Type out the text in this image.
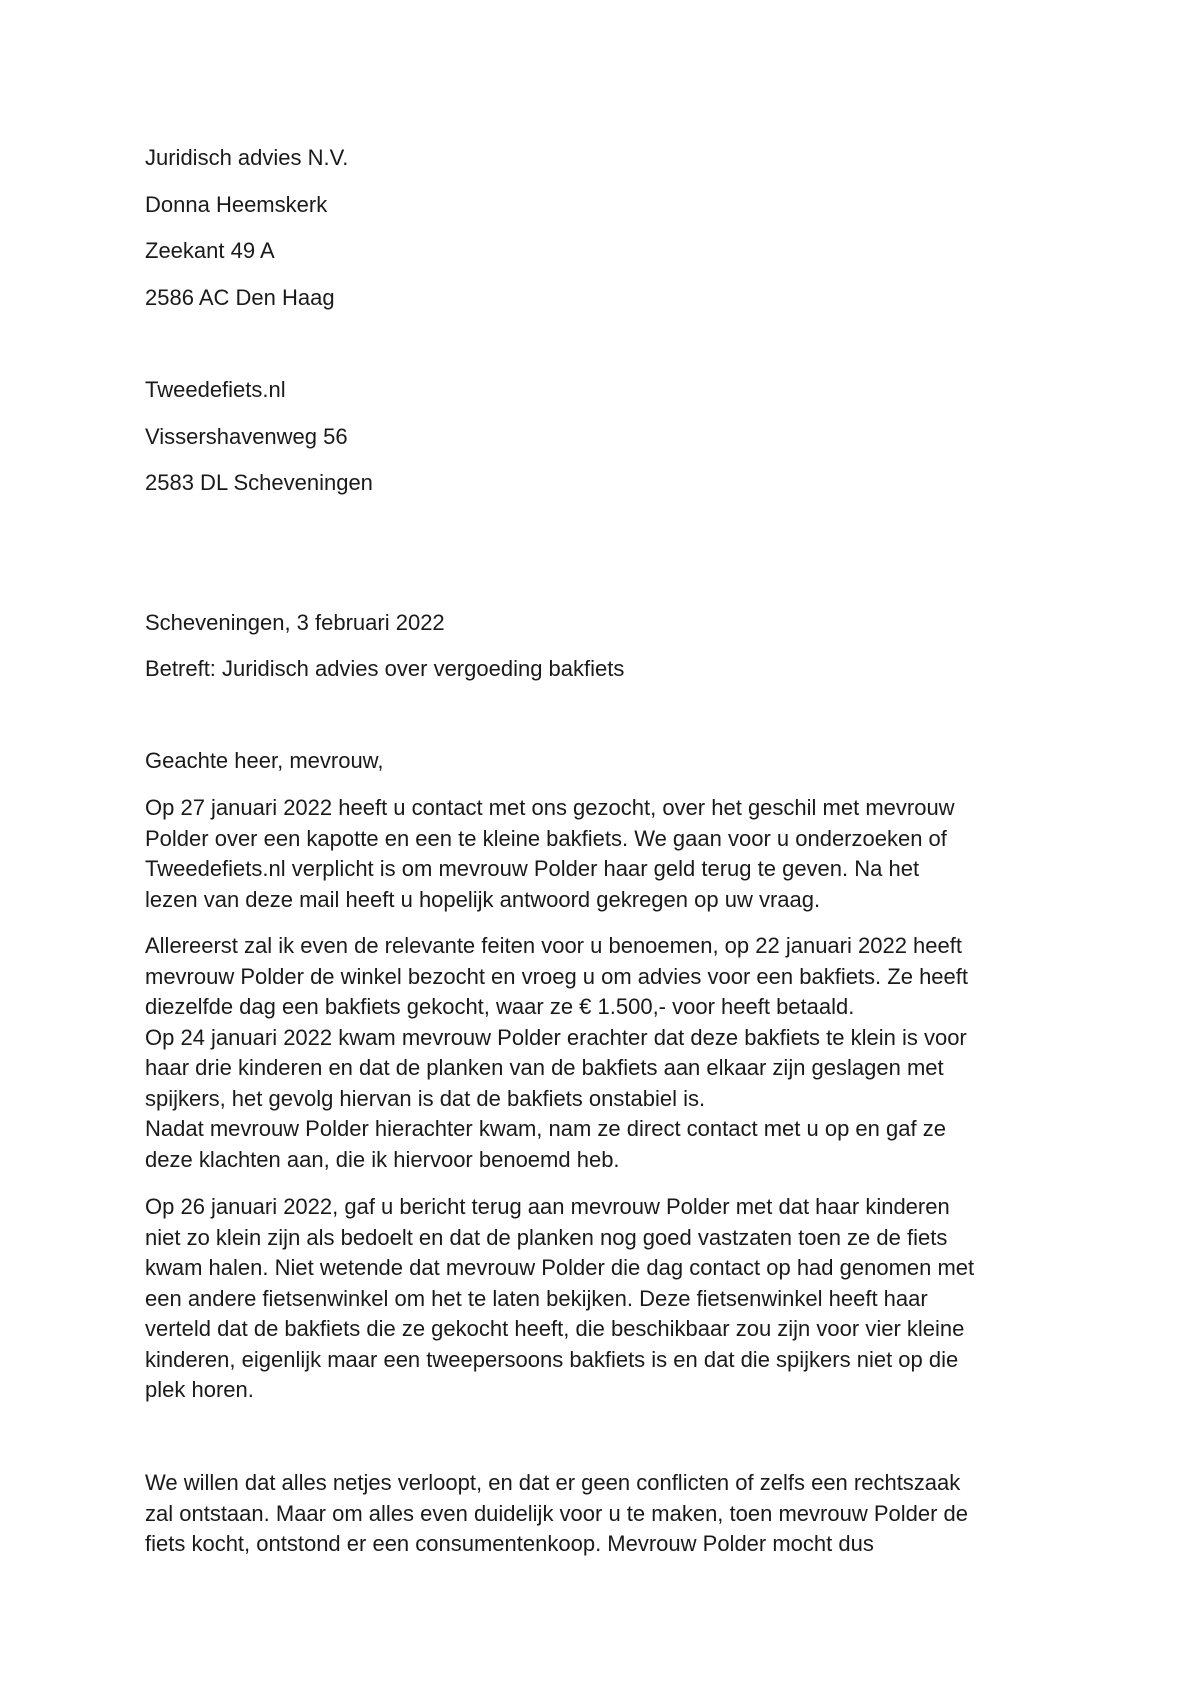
Juridisch advies N.V.
Donna Heemskerk
Zeekant 49 A
2586 AC Den Haag
Tweedefiets.nl
Vissershavenweg 56
2583 DL Scheveningen
Scheveningen, 3 februari 2022
Betreft: Juridisch advies over vergoeding bakfiets
Geachte heer, mevrouw,
Op 27 januari 2022 heeft u contact met ons gezocht, over het geschil met mevrouw
Polder over een kapotte en een te kleine bakfiets. We gaan voor u onderzoeken of
Tweedefiets.nl verplicht is om mevrouw Polder haar geld terug te geven. Na het
lezen van deze mail heeft u hopelijk antwoord gekregen op uw vraag.
Allereerst zal ik even de relevante feiten voor u benoemen, op 22 januari 2022 heeft
mevrouw Polder de winkel bezocht en vroeg u om advies voor een bakfiets. Ze heeft
diezelfde dag een bakfiets gekocht, waar ze € 1.500,- voor heeft betaald.
Op 24 januari 2022 kwam mevrouw Polder erachter dat deze bakfiets te klein is voor
haar drie kinderen en dat de planken van de bakfiets aan elkaar zijn geslagen met
spijkers, het gevolg hiervan is dat de bakfiets onstabiel is.
Nadat mevrouw Polder hierachter kwam, nam ze direct contact met u op en gaf ze
deze klachten aan, die ik hiervoor benoemd heb.
Op 26 januari 2022, gaf u bericht terug aan mevrouw Polder met dat haar kinderen
niet zo klein zijn als bedoelt en dat de planken nog goed vastzaten toen ze de fiets
kwam halen. Niet wetende dat mevrouw Polder die dag contact op had genomen met
een andere fietsenwinkel om het te laten bekijken. Deze fietsenwinkel heeft haar
verteld dat de bakfiets die ze gekocht heeft, die beschikbaar zou zijn voor vier kleine
kinderen, eigenlijk maar een tweepersoons bakfiets is en dat die spijkers niet op die
plek horen.
We willen dat alles netjes verloopt, en dat er geen conflicten of zelfs een rechtszaak
zal ontstaan. Maar om alles even duidelijk voor u te maken, toen mevrouw Polder de
fiets kocht, ontstond er een consumentenkoop. Mevrouw Polder mocht dus
